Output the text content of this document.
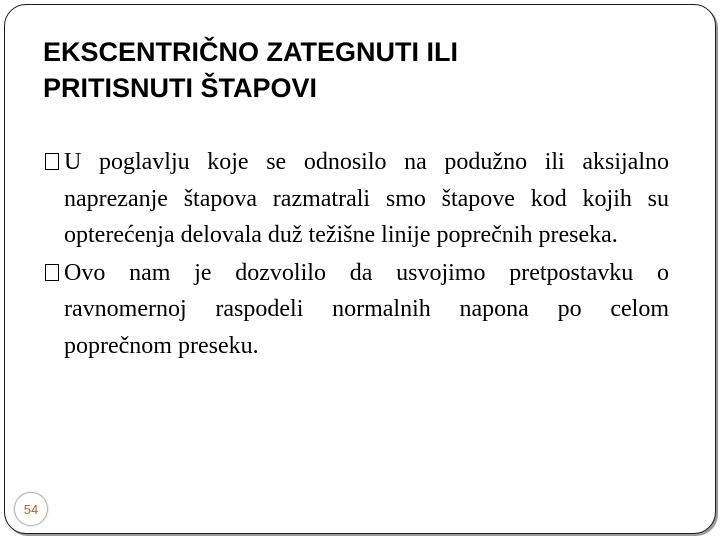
EKSCENTRIČNO ZATEGNUTI ILI
PRITISNUTI ŠTAPOVI

U poglavlju koje se odnosilo na podužno ili aksijalno naprezanje štapova razmatrali smo štapove kod kojih su opterećenja delovala duž težišne linije poprečnih preseka.

Ovo nam je dozvolilo da usvojimo pretpostavku o ravnomernoj raspodeli normalnih napona po celom poprečnom preseku.

54
